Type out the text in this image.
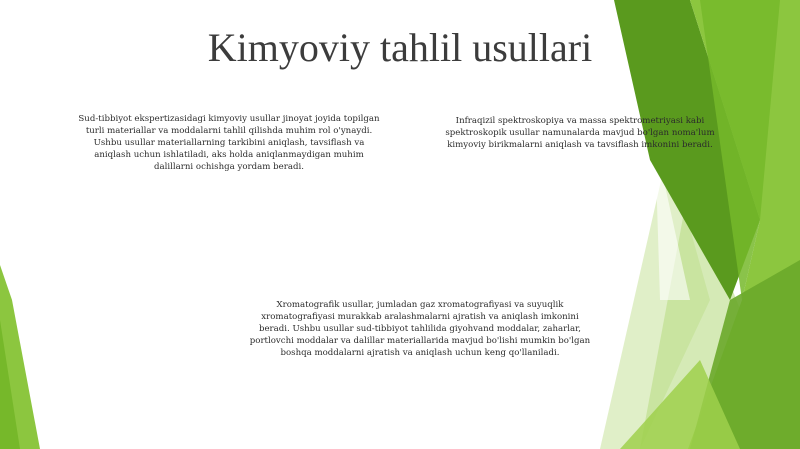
Kimyoviy tahlil usullari

Sud-tibbiyot ekspertizasidagi kimyoviy usullar jinoyat joyida topilgan turli materiallar va moddalarni tahlil qilishda muhim rol o'ynaydi. Ushbu usullar materiallarning tarkibini aniqlash, tavsiflash va aniqlash uchun ishlatiladi, aks holda aniqlanmaydigan muhim dalillarni ochishga yordam beradi.

Infraqizil spektroskopiya va massa spektrometriyasi kabi spektroskopik usullar namunalarda mavjud bo'lgan noma'lum kimyoviy birikmalarni aniqlash va tavsiflash imkonini beradi.

Xromatografik usullar, jumladan gaz xromatografiyasi va suyuqlik xromatografiyasi murakkab aralashmalarni ajratish va aniqlash imkonini beradi. Ushbu usullar sud-tibbiyot tahlilida giyohvand moddalar, zaharlar, portlovchi moddalar va dalillar materiallarida mavjud bo'lishi mumkin bo'lgan boshqa moddalarni ajratish va aniqlash uchun keng qo'llaniladi.
